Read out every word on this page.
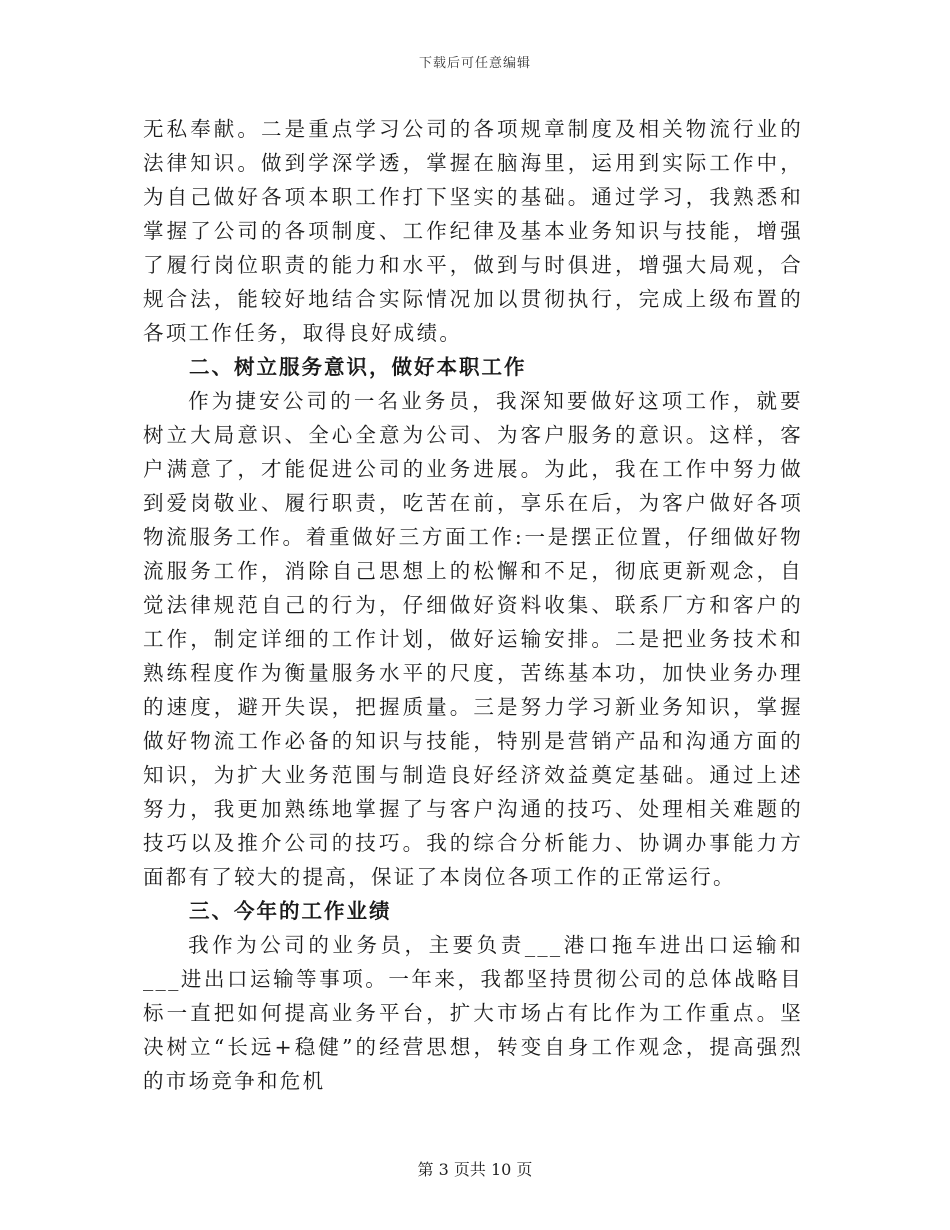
下载后可任意编辑

无私奉献。二是重点学习公司的各项规章制度及相关物流行业的法律知识。做到学深学透，掌握在脑海里，运用到实际工作中，为自己做好各项本职工作打下坚实的基础。通过学习，我熟悉和掌握了公司的各项制度、工作纪律及基本业务知识与技能，增强了履行岗位职责的能力和水平，做到与时俱进，增强大局观，合规合法，能较好地结合实际情况加以贯彻执行，完成上级布置的各项工作任务，取得良好成绩。

二、树立服务意识，做好本职工作

作为捷安公司的一名业务员，我深知要做好这项工作，就要树立大局意识、全心全意为公司、为客户服务的意识。这样，客户满意了，才能促进公司的业务进展。为此，我在工作中努力做到爱岗敬业、履行职责，吃苦在前，享乐在后，为客户做好各项物流服务工作。着重做好三方面工作:一是摆正位置，仔细做好物流服务工作，消除自己思想上的松懈和不足，彻底更新观念，自觉法律规范自己的行为，仔细做好资料收集、联系厂方和客户的工作，制定详细的工作计划，做好运输安排。二是把业务技术和熟练程度作为衡量服务水平的尺度，苦练基本功，加快业务办理的速度，避开失误，把握质量。三是努力学习新业务知识，掌握做好物流工作必备的知识与技能，特别是营销产品和沟通方面的知识，为扩大业务范围与制造良好经济效益奠定基础。通过上述努力，我更加熟练地掌握了与客户沟通的技巧、处理相关难题的技巧以及推介公司的技巧。我的综合分析能力、协调办事能力方面都有了较大的提高，保证了本岗位各项工作的正常运行。

三、今年的工作业绩

我作为公司的业务员，主要负责___港口拖车进出口运输和___进出口运输等事项。一年来，我都坚持贯彻公司的总体战略目标一直把如何提高业务平台，扩大市场占有比作为工作重点。坚决树立“长远+稳健”的经营思想，转变自身工作观念，提高强烈的市场竞争和危机

第 3 页共 10 页
